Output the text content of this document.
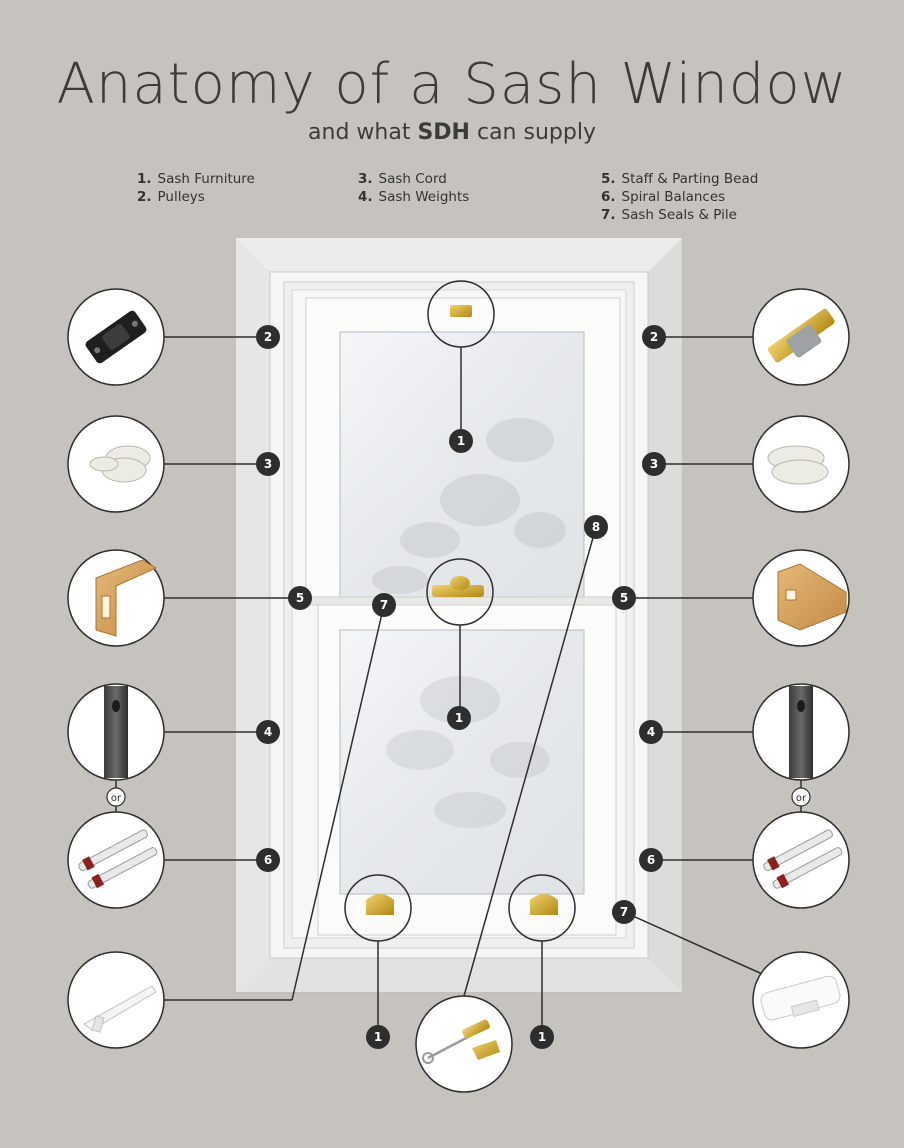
Anatomy of a Sash Window
and what SDH can supply
1. Sash Furniture
2. Pulleys
3. Sash Cord
4. Sash Weights
5. Staff & Parting Bead
6. Spiral Balances
7. Sash Seals & Pile
or	or
1
1
2	2
3	3
5	5
7
8
4	4
6	6
7
1	1
